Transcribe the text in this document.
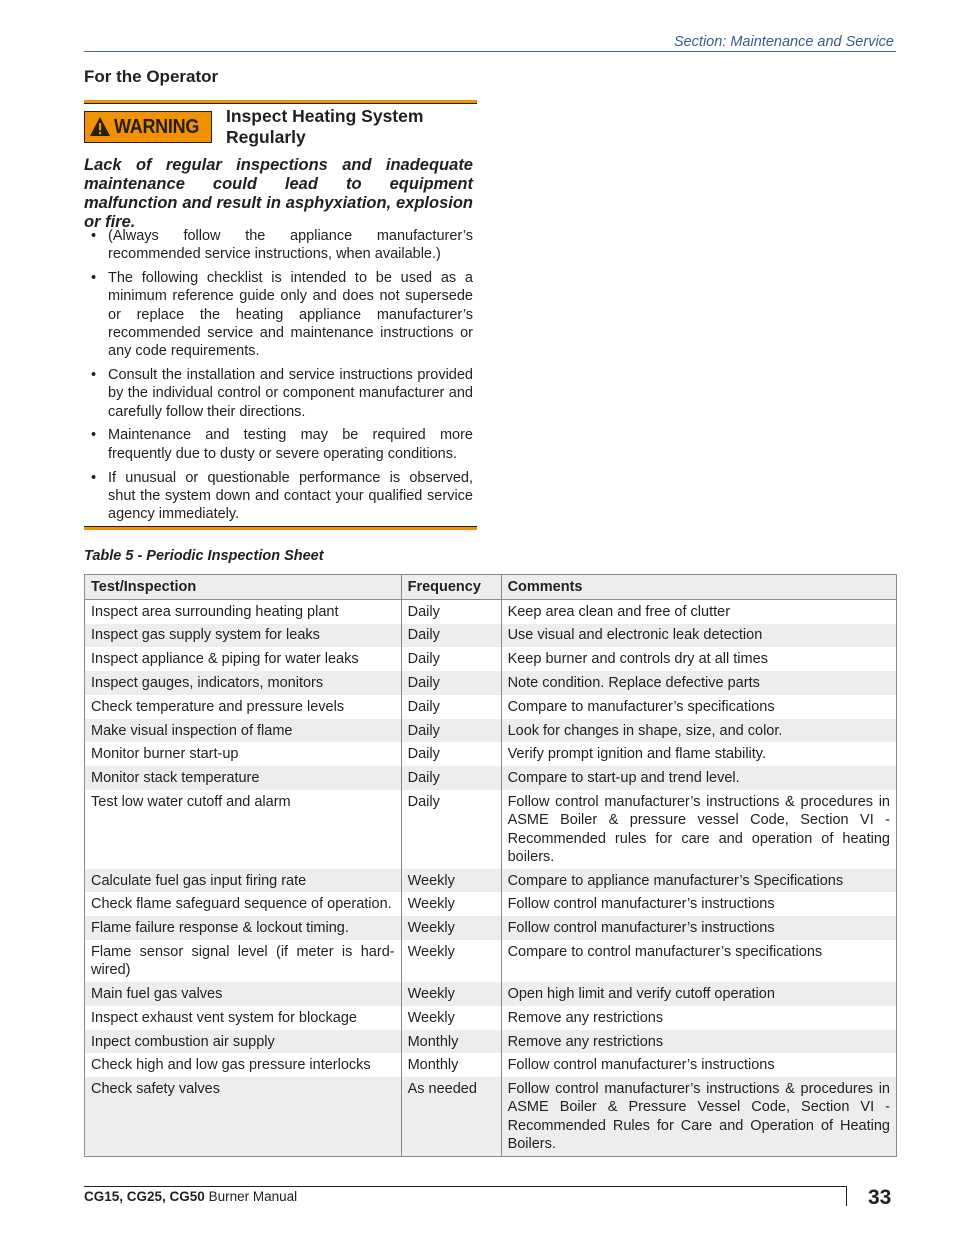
Section: Maintenance and Service
For the Operator
WARNING Inspect Heating System Regularly
Lack of regular inspections and inadequate maintenance could lead to equipment malfunction and result in asphyxiation, explosion or fire.
• (Always follow the appliance manufacturer’s recommended service instructions, when available.)
• The following checklist is intended to be used as a minimum reference guide only and does not supersede or replace the heating appliance manufacturer’s recommended service and maintenance instructions or any code requirements.
• Consult the installation and service instructions provided by the individual control or component manufacturer and carefully follow their directions.
• Maintenance and testing may be required more frequently due to dusty or severe operating conditions.
• If unusual or questionable performance is observed, shut the system down and contact your qualified service agency immediately.
Table 5 - Periodic Inspection Sheet
Test/Inspection	Frequency	Comments
Inspect area surrounding heating plant	Daily	Keep area clean and free of clutter
Inspect gas supply system for leaks	Daily	Use visual and electronic leak detection
Inspect appliance & piping for water leaks	Daily	Keep burner and controls dry at all times
Inspect gauges, indicators, monitors	Daily	Note condition. Replace defective parts
Check temperature and pressure levels	Daily	Compare to manufacturer’s specifications
Make visual inspection of flame	Daily	Look for changes in shape, size, and color.
Monitor burner start-up	Daily	Verify prompt ignition and flame stability.
Monitor stack temperature	Daily	Compare to start-up and trend level.
Test low water cutoff and alarm	Daily	Follow control manufacturer’s instructions & procedures in ASME Boiler & pressure vessel Code, Section VI - Recommended rules for care and operation of heating boilers.
Calculate fuel gas input firing rate	Weekly	Compare to appliance manufacturer’s Specifications
Check flame safeguard sequence of operation.	Weekly	Follow control manufacturer’s instructions
Flame failure response & lockout timing.	Weekly	Follow control manufacturer’s instructions
Flame sensor signal level (if meter is hard-wired)	Weekly	Compare to control manufacturer’s specifications
Main fuel gas valves	Weekly	Open high limit and verify cutoff operation
Inspect exhaust vent system for blockage	Weekly	Remove any restrictions
Inpect combustion air supply	Monthly	Remove any restrictions
Check high and low gas pressure interlocks	Monthly	Follow control manufacturer’s instructions
Check safety valves	As needed	Follow control manufacturer’s instructions & procedures in ASME Boiler & Pressure Vessel Code, Section VI - Recommended Rules for Care and Operation of Heating Boilers.
CG15, CG25, CG50 Burner Manual	33
